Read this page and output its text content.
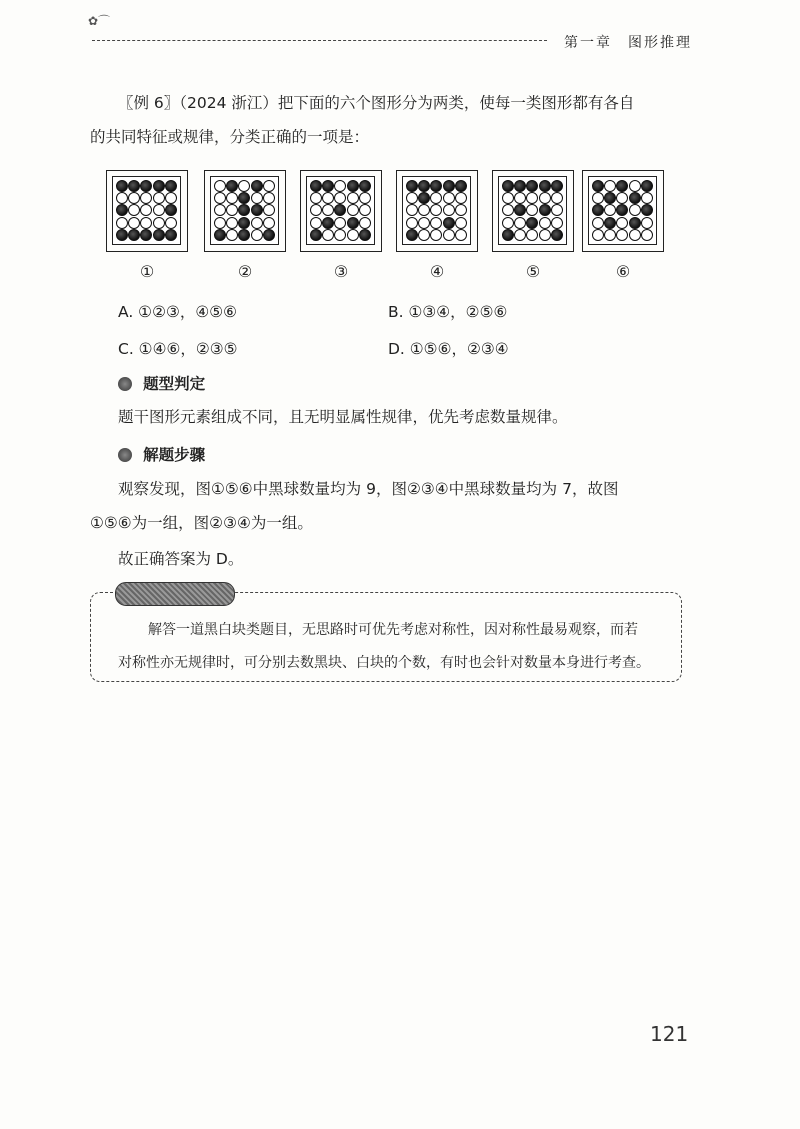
✿⌒
第一章　图形推理
〖例 6〗（2024 浙江）把下面的六个图形分为两类，使每一类图形都有各自
的共同特征或规律，分类正确的一项是：
①	②	③	④	⑤	⑥
A. ①②③，④⑤⑥	B. ①③④，②⑤⑥
C. ①④⑥，②③⑤	D. ①⑤⑥，②③④
题型判定
题干图形元素组成不同，且无明显属性规律，优先考虑数量规律。
解题步骤
观察发现，图①⑤⑥中黑球数量均为 9，图②③④中黑球数量均为 7，故图
①⑤⑥为一组，图②③④为一组。
故正确答案为 D。
解答一道黑白块类题目，无思路时可优先考虑对称性，因对称性最易观察，而若
对称性亦无规律时，可分别去数黑块、白块的个数，有时也会针对数量本身进行考查。
121
